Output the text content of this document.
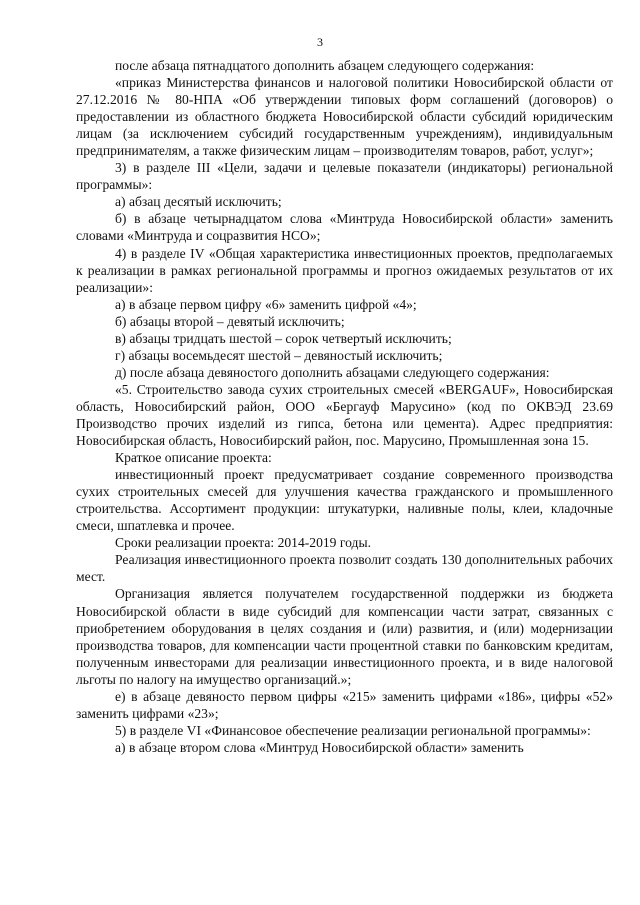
3

после абзаца пятнадцатого дополнить абзацем следующего содержания:

«приказ Министерства финансов и налоговой политики Новосибирской области от 27.12.2016 № 80-НПА «Об утверждении типовых форм соглашений (договоров) о предоставлении из областного бюджета Новосибирской области субсидий юридическим лицам (за исключением субсидий государственным учреждениям), индивидуальным предпринимателям, а также физическим лицам – производителям товаров, работ, услуг»;

3) в разделе III «Цели, задачи и целевые показатели (индикаторы) региональной программы»:

а) абзац десятый исключить;

б) в абзаце четырнадцатом слова «Минтруда Новосибирской области» заменить словами «Минтруда и соцразвития НСО»;

4) в разделе IV «Общая характеристика инвестиционных проектов, предполагаемых к реализации в рамках региональной программы и прогноз ожидаемых результатов от их реализации»:

а) в абзаце первом цифру «6» заменить цифрой «4»;

б) абзацы второй – девятый исключить;

в) абзацы тридцать шестой – сорок четвертый исключить;

г) абзацы восемьдесят шестой – девяностый исключить;

д) после абзаца девяностого дополнить абзацами следующего содержания:

«5. Строительство завода сухих строительных смесей «BERGAUF», Новосибирская область, Новосибирский район, ООО «Бергауф Марусино» (код по ОКВЭД 23.69 Производство прочих изделий из гипса, бетона или цемента). Адрес предприятия: Новосибирская область, Новосибирский район, пос. Марусино, Промышленная зона 15.

Краткое описание проекта:

инвестиционный проект предусматривает создание современного производства сухих строительных смесей для улучшения качества гражданского и промышленного строительства. Ассортимент продукции: штукатурки, наливные полы, клеи, кладочные смеси, шпатлевка и прочее.

Сроки реализации проекта: 2014-2019 годы.

Реализация инвестиционного проекта позволит создать 130 дополнительных рабочих мест.

Организация является получателем государственной поддержки из бюджета Новосибирской области в виде субсидий для компенсации части затрат, связанных с приобретением оборудования в целях создания и (или) развития, и (или) модернизации производства товаров, для компенсации части процентной ставки по банковским кредитам, полученным инвесторами для реализации инвестиционного проекта, и в виде налоговой льготы по налогу на имущество организаций.»;

е) в абзаце девяносто первом цифры «215» заменить цифрами «186», цифры «52» заменить цифрами «23»;

5) в разделе VI «Финансовое обеспечение реализации региональной программы»:

а) в абзаце втором слова «Минтруд Новосибирской области» заменить
